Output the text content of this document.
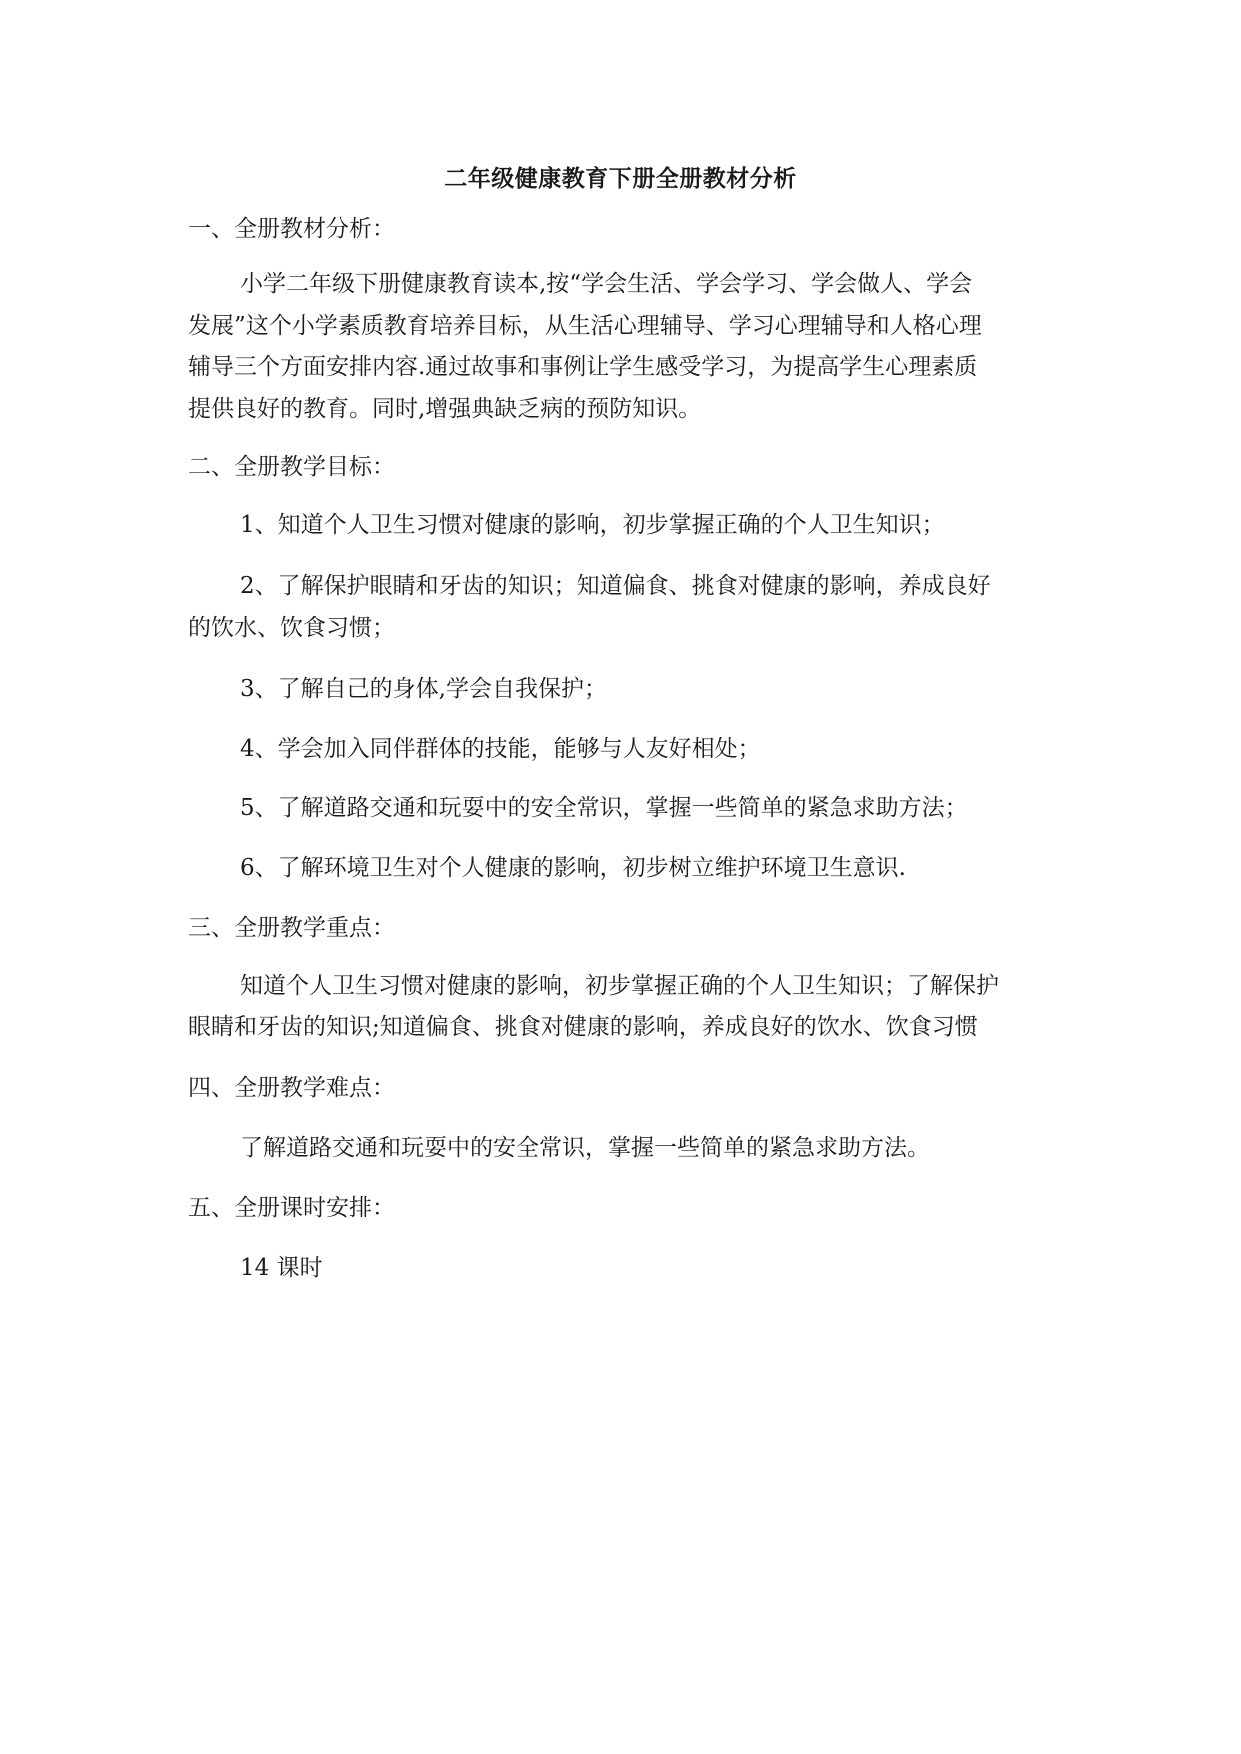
二年级健康教育下册全册教材分析
一、全册教材分析：
小学二年级下册健康教育读本,按“学会生活、学会学习、学会做人、学会
发展”这个小学素质教育培养目标，从生活心理辅导、学习心理辅导和人格心理
辅导三个方面安排内容.通过故事和事例让学生感受学习，为提高学生心理素质
提供良好的教育。同时,增强典缺乏病的预防知识。
二、全册教学目标：
1、知道个人卫生习惯对健康的影响，初步掌握正确的个人卫生知识；
2、了解保护眼睛和牙齿的知识；知道偏食、挑食对健康的影响，养成良好
的饮水、饮食习惯；
3、了解自己的身体,学会自我保护；
4、学会加入同伴群体的技能，能够与人友好相处；
5、了解道路交通和玩耍中的安全常识，掌握一些简单的紧急求助方法；
6、了解环境卫生对个人健康的影响，初步树立维护环境卫生意识.
三、全册教学重点：
知道个人卫生习惯对健康的影响，初步掌握正确的个人卫生知识；了解保护
眼睛和牙齿的知识;知道偏食、挑食对健康的影响，养成良好的饮水、饮食习惯
四、全册教学难点：
了解道路交通和玩耍中的安全常识，掌握一些简单的紧急求助方法。
五、全册课时安排：
14 课时
